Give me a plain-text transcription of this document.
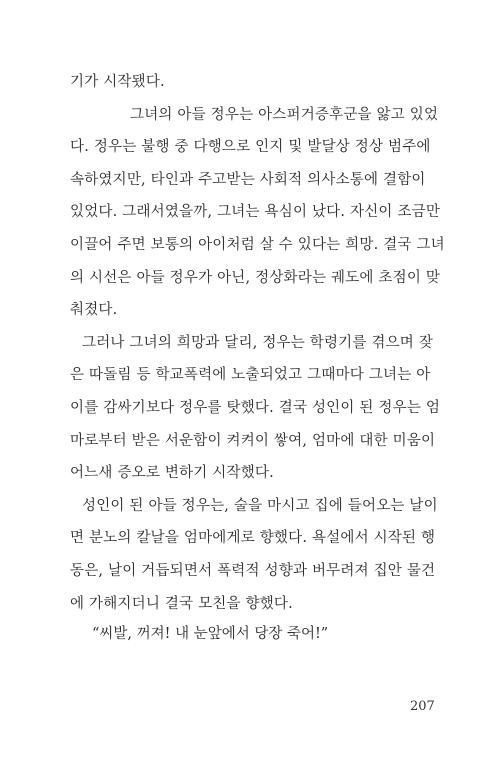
기가 시작됐다.
그녀의 아들 정우는 아스퍼거증후군을 앓고 있었
다. 정우는 불행 중 다행으로 인지 및 발달상 정상 범주에
속하였지만, 타인과 주고받는 사회적 의사소통에 결함이
있었다. 그래서였을까, 그녀는 욕심이 났다. 자신이 조금만
이끌어 주면 보통의 아이처럼 살 수 있다는 희망. 결국 그녀
의 시선은 아들 정우가 아닌, 정상화라는 궤도에 초점이 맞
춰졌다.

그러나 그녀의 희망과 달리, 정우는 학령기를 겪으며 잦
은 따돌림 등 학교폭력에 노출되었고 그때마다 그녀는 아
이를 감싸기보다 정우를 탓했다. 결국 성인이 된 정우는 엄
마로부터 받은 서운함이 켜켜이 쌓여, 엄마에 대한 미움이
어느새 증오로 변하기 시작했다.

성인이 된 아들 정우는, 술을 마시고 집에 들어오는 날이
면 분노의 칼날을 엄마에게로 향했다. 욕설에서 시작된 행
동은, 날이 거듭되면서 폭력적 성향과 버무려져 집안 물건
에 가해지더니 결국 모친을 향했다.

“씨발, 꺼져! 내 눈앞에서 당장 죽어!”
207
